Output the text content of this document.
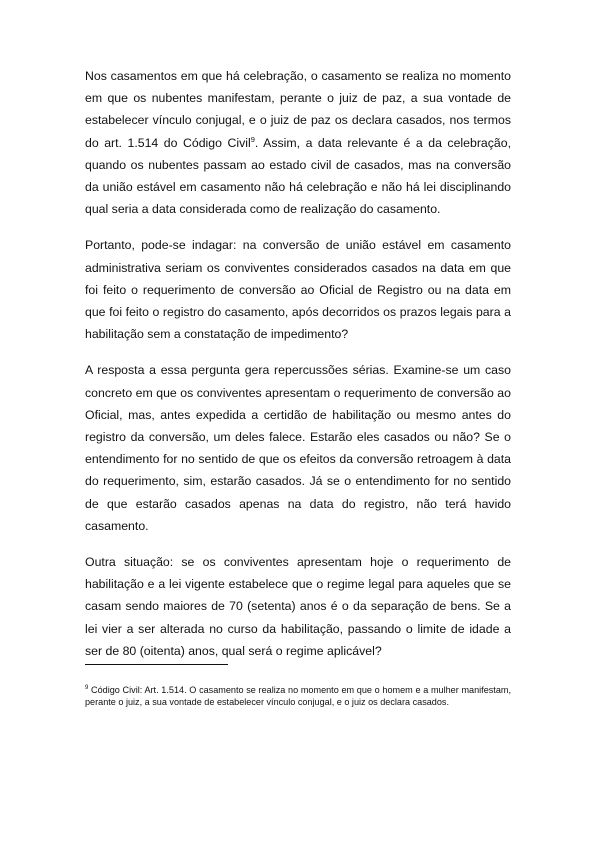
Nos casamentos em que há celebração, o casamento se realiza no momento em que os nubentes manifestam, perante o juiz de paz, a sua vontade de estabelecer vínculo conjugal, e o juiz de paz os declara casados, nos termos do art. 1.514 do Código Civil$^9$. Assim, a data relevante é a da celebração, quando os nubentes passam ao estado civil de casados, mas na conversão da união estável em casamento não há celebração e não há lei disciplinando qual seria a data considerada como de realização do casamento.

Portanto, pode-se indagar: na conversão de união estável em casamento administrativa seriam os conviventes considerados casados na data em que foi feito o requerimento de conversão ao Oficial de Registro ou na data em que foi feito o registro do casamento, após decorridos os prazos legais para a habilitação sem a constatação de impedimento?

A resposta a essa pergunta gera repercussões sérias. Examine-se um caso concreto em que os conviventes apresentam o requerimento de conversão ao Oficial, mas, antes expedida a certidão de habilitação ou mesmo antes do registro da conversão, um deles falece. Estarão eles casados ou não? Se o entendimento for no sentido de que os efeitos da conversão retroagem à data do requerimento, sim, estarão casados. Já se o entendimento for no sentido de que estarão casados apenas na data do registro, não terá havido casamento.

Outra situação: se os conviventes apresentam hoje o requerimento de habilitação e a lei vigente estabelece que o regime legal para aqueles que se casam sendo maiores de 70 (setenta) anos é o da separação de bens. Se a lei vier a ser alterada no curso da habilitação, passando o limite de idade a ser de 80 (oitenta) anos, qual será o regime aplicável?

$^9$ Código Civil: Art. 1.514. O casamento se realiza no momento em que o homem e a mulher manifestam, perante o juiz, a sua vontade de estabelecer vínculo conjugal, e o juiz os declara casados.
